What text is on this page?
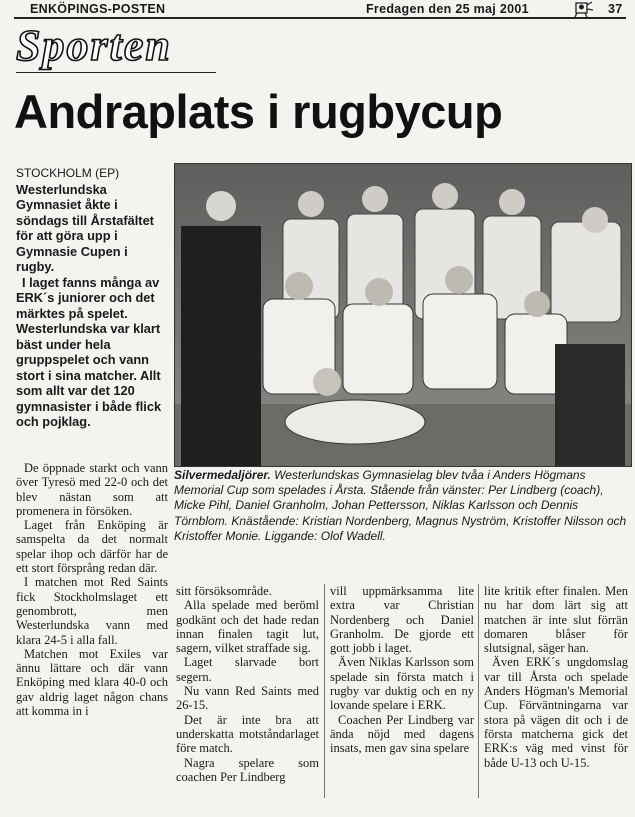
ENKÖPINGS-POSTEN	Fredagen den 25 maj 2001	37
Sporten
Andraplats i rugbycup

STOCKHOLM (EP)

Westerlundska Gymnasiet åkte i söndags till Årstafältet för att göra upp i Gymnasie Cupen i rugby.

I laget fanns många av ERK´s juniorer och det märktes på spelet. Westerlundska var klart bäst under hela gruppspelet och vann stort i sina matcher. Allt som allt var det 120 gymnasister i både flick och pojklag.

Silvermedaljörer. Westerlundskas Gymnasielag blev tvåa i Anders Högmans Memorial Cup som spelades i Årsta. Stående från vänster: Per Lindberg (coach), Micke Pihl, Daniel Granholm, Johan Pettersson, Niklas Karlsson och Dennis Törnblom. Knästående: Kristian Nordenberg, Magnus Nyström, Kristoffer Nilsson och Kristoffer Monie. Liggande: Olof Wadell.

De öppnade starkt och vann över Tyresö med 22-0 och det blev nästan som att promenera in försöken.

Laget från Enköping är samspelta da det normalt spelar ihop och därför har de ett stort försprång redan där.

I matchen mot Red Saints fick Stockholmslaget ett genombrott, men Westerlundska vann med klara 24-5 i alla fall.

Matchen mot Exiles var ännu lättare och där vann Enköping med klara 40-0 och gav aldrig laget någon chans att komma in i

sitt försöksområde.

Alla spelade med beröml godkänt och det hade redan innan finalen tagit lut, sagern, vilket straffade sig.

Laget slarvade bort segern.

Nu vann Red Saints med 26-15.

Det är inte bra att underskatta motståndarlaget före match.

Nagra spelare som coachen Per Lindberg

vill uppmärksamma lite extra var Christian Nordenberg och Daniel Granholm. De gjorde ett gott jobb i laget.

Även Niklas Karlsson som spelade sin första match i rugby var duktig och en ny lovande spelare i ERK.

Coachen Per Lindberg var ända nöjd med dagens insats, men gav sina spelare

lite kritik efter finalen. Men nu har dom lärt sig att matchen är inte slut förrän domaren blåser för slutsignal, säger han.

Även ERK´s ungdomslag var till Årsta och spelade Anders Högman's Memorial Cup. Förväntningarna var stora på vägen dit och i de första matcherna gick det ERK:s väg med vinst för både U-13 och U-15.
